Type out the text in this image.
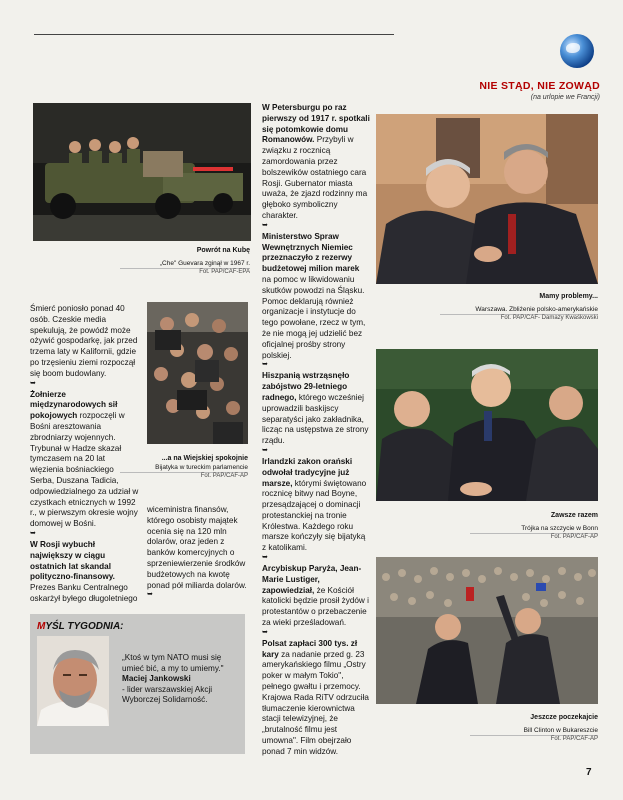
NIE STĄD, NIE ZOWĄD
(na urlopie we Francji)
Powrót na Kubę
„Che" Guevara zginął w 1967 r.
Fot. PAP/CAF-EPA
...a na Wiejskiej spokojnie
Bijatyka w tureckim parlamencie
Fot. PAP/CAF-AP
Mamy problemy...
Warszawa. Zbliżenie polsko-amerykańskie
Fot. PAP/CAF- Damazy Kwaśkowski
Zawsze razem
Trójka na szczycie w Bonn
Fot. PAP/CAF-AP
Jeszcze poczekajcie
Bill Clinton w Bukareszcie
Fot. PAP/CAF-AP

Śmierć poniosło ponad 40 osób. Czeskie media spekulują, że powódź może ożywić gospodarkę, jak przed trzema laty w Kalifornii, gdzie po trzęsieniu ziemi rozpoczął się boom budowlany.

➥

Żołnierze międzynarodowych sił pokojowych rozpoczęli w Bośni aresztowania zbrodniarzy wojennych. Trybunał w Hadze skazał tymczasem na 20 lat więzienia bośniackiego Serba, Duszana Tadicia, odpowiedzialnego za udział w czystkach etnicznych w 1992 r., w pierwszym okresie wojny domowej w Bośni.

➥

W Rosji wybuchł największy w ciągu ostatnich lat skandal polityczno-finansowy. Prezes Banku Centralnego oskarżył byłego długoletniego

wiceministra finansów, którego osobisty majątek ocenia się na 120 mln dolarów, oraz jeden z banków komercyjnych o sprzeniewierzenie środków budżetowych na kwotę ponad pół miliarda dolarów.

➥

W Petersburgu po raz pierwszy od 1917 r. spotkali się potomkowie domu Romanowów. Przybyli w związku z rocznicą zamordowania przez bolszewików ostatniego cara Rosji. Gubernator miasta uważa, że zjazd rodzinny ma głęboko symboliczny charakter.

➥

Ministerstwo Spraw Wewnętrznych Niemiec przeznaczyło z rezerwy budżetowej milion marek na pomoc w likwidowaniu skutków powodzi na Śląsku. Pomoc deklarują również organizacje i instytucje do tego powołane, rzecz w tym, że nie mogą jej udzielić bez oficjalnej prośby strony polskiej.

➥

Hiszpanią wstrząsnęło zabójstwo 29-letniego radnego, którego wcześniej uprowadzili baskijscy separatyści jako zakładnika, licząc na ustępstwa ze strony rządu.

➥

Irlandzki zakon orański odwołał tradycyjne już marsze, którymi świętowano rocznicę bitwy nad Boyne, przesądzającej o dominacji protestanckiej na tronie Królestwa. Każdego roku marsze kończyły się bijatyką z katolikami.

➥

Arcybiskup Paryża, Jean-Marie Lustiger, zapowiedział, że Kościół katolicki będzie prosił żydów i protestantów o przebaczenie za wieki prześladowań.

➥

Polsat zapłaci 300 tys. zł kary za nadanie przed g. 23 amerykańskiego filmu „Ostry poker w małym Tokio", pełnego gwałtu i przemocy. Krajowa Rada RiTV odrzuciła tłumaczenie kierownictwa stacji telewizyjnej, że „brutalność filmu jest umowna". Film obejrzało ponad 7 min widzów.

MYŚL TYGODNIA:
„Ktoś w tym NATO musi się umieć bić, a my to umiemy."
Maciej Jankowski
- lider warszawskiej Akcji Wyborczej Solidarność.
7
